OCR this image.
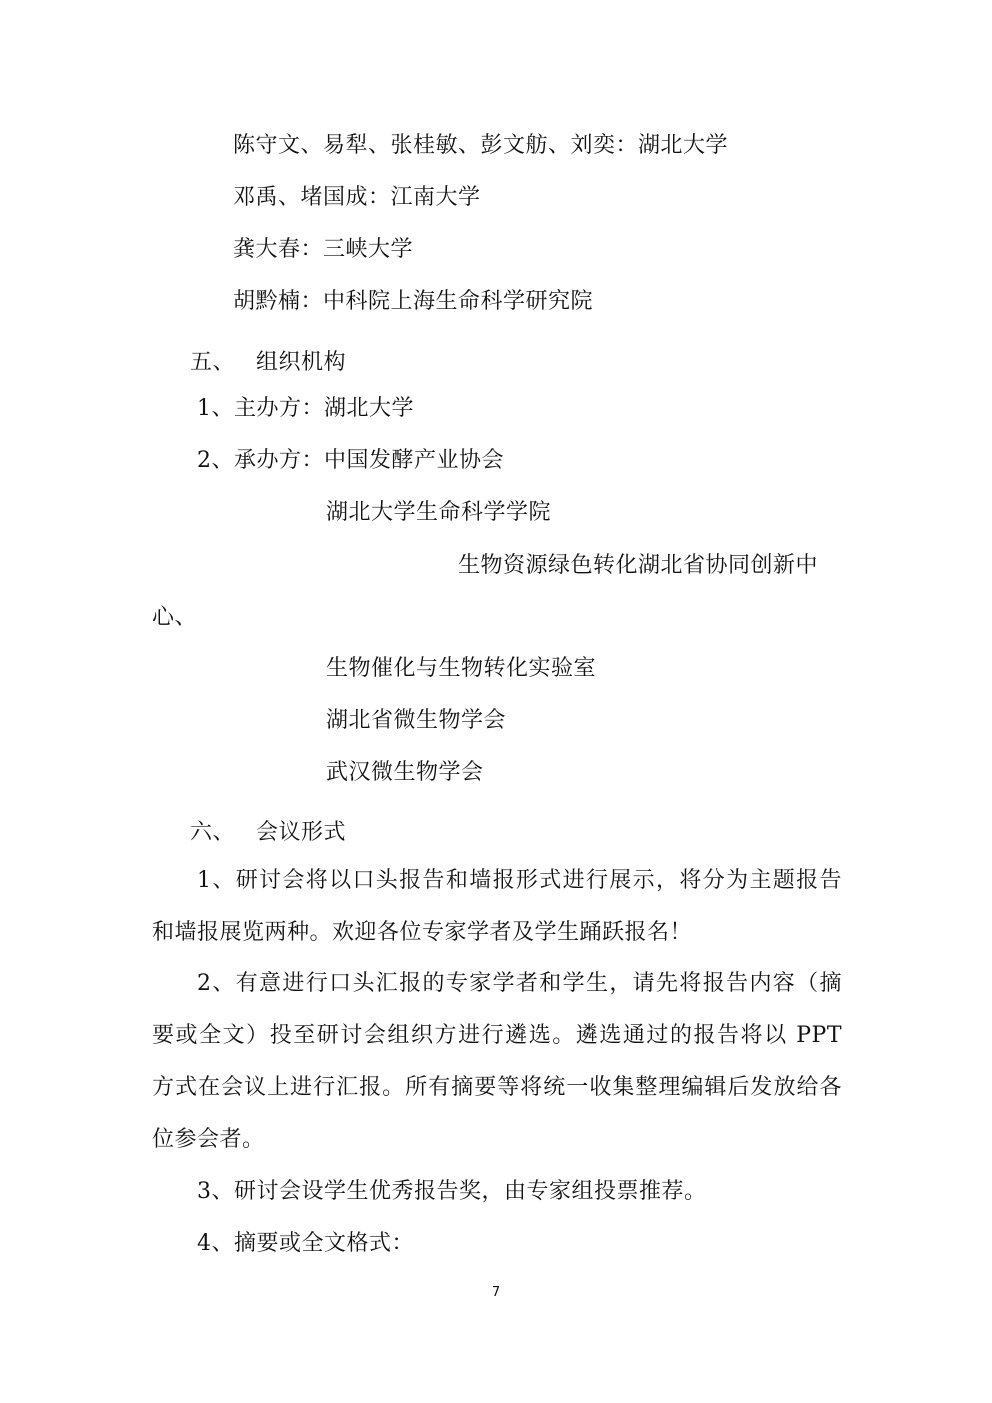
陈守文、易犁、张桂敏、彭文舫、刘奕：湖北大学
邓禹、堵国成：江南大学
龚大春：三峡大学
胡黔楠：中科院上海生命科学研究院
五、 组织机构
1、主办方：湖北大学
2、承办方：中国发酵产业协会
湖北大学生命科学学院
生物资源绿色转化湖北省协同创新中
心、
生物催化与生物转化实验室
湖北省微生物学会
武汉微生物学会
六、 会议形式
1、研讨会将以口头报告和墙报形式进行展示，将分为主题报告
和墙报展览两种。欢迎各位专家学者及学生踊跃报名！
2、有意进行口头汇报的专家学者和学生，请先将报告内容（摘
要或全文）投至研讨会组织方进行遴选。遴选通过的报告将以 PPT
方式在会议上进行汇报。所有摘要等将统一收集整理编辑后发放给各
位参会者。
3、研讨会设学生优秀报告奖，由专家组投票推荐。
4、摘要或全文格式：
7
